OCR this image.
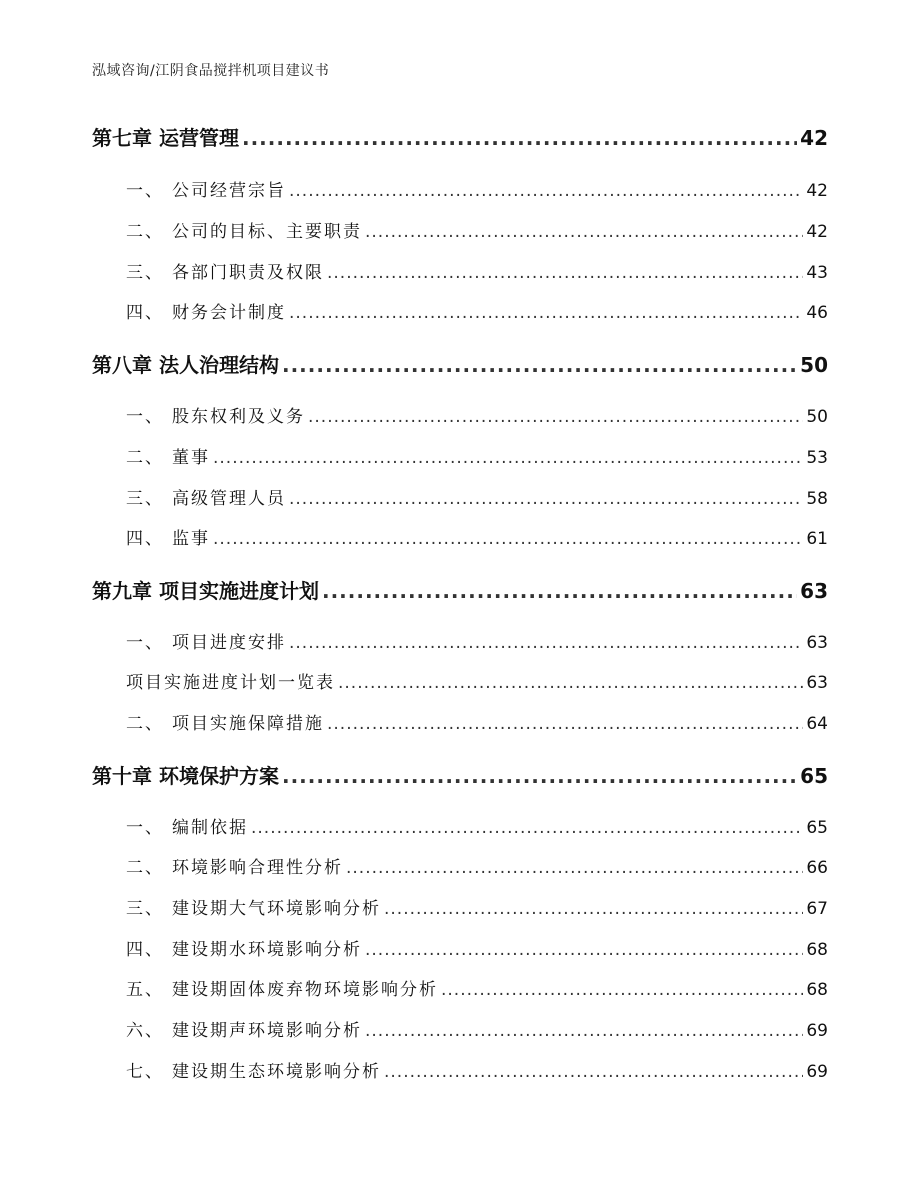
泓域咨询/江阴食品搅拌机项目建议书
第七章 运营管理 .....	42
一、 公司经营宗旨 .....	42
二、 公司的目标、主要职责 .....	42
三、 各部门职责及权限 .....	43
四、 财务会计制度 .....	46
第八章 法人治理结构 .....	50
一、 股东权利及义务 .....	50
二、 董事 .....	53
三、 高级管理人员 .....	58
四、 监事 .....	61
第九章 项目实施进度计划 .....	63
一、 项目进度安排 .....	63
项目实施进度计划一览表 .....	63
二、 项目实施保障措施 .....	64
第十章 环境保护方案 .....	65
一、 编制依据 .....	65
二、 环境影响合理性分析 .....	66
三、 建设期大气环境影响分析 .....	67
四、 建设期水环境影响分析 .....	68
五、 建设期固体废弃物环境影响分析 .....	68
六、 建设期声环境影响分析 .....	69
七、 建设期生态环境影响分析 .....	69
